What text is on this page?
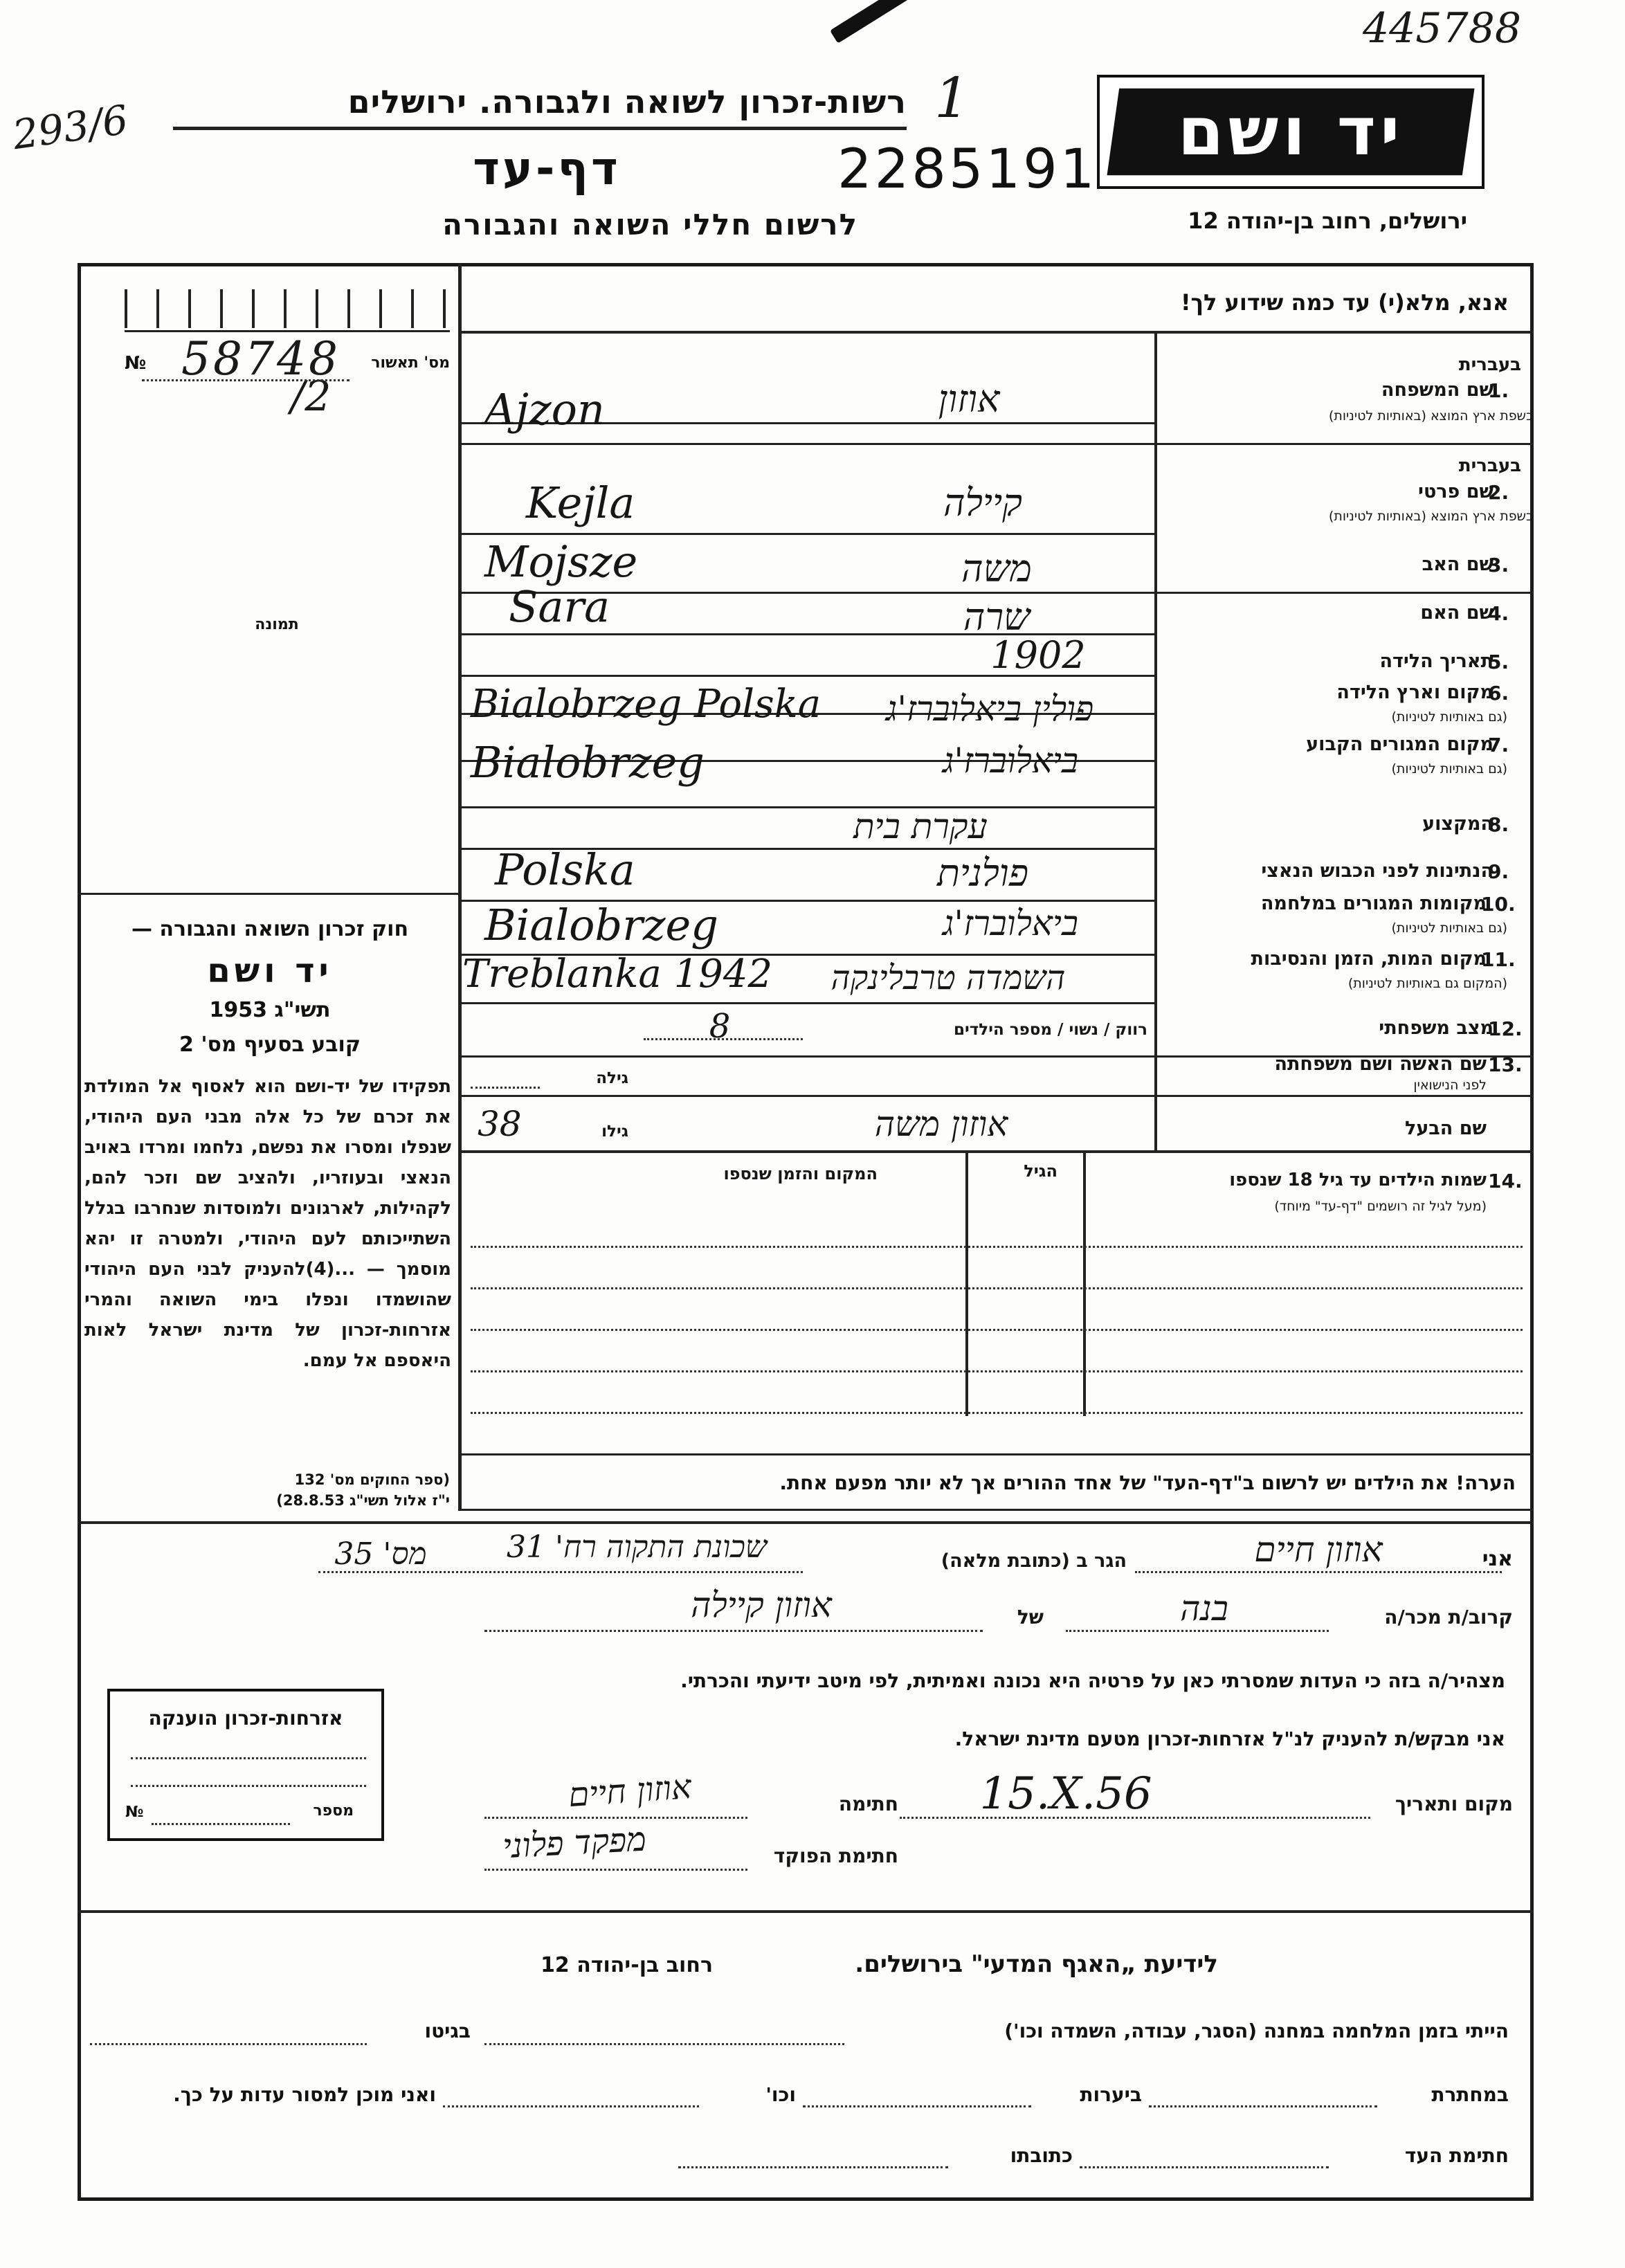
445788
293/6	רשות-זכרון לשואה ולגבורה. ירושלים 1
דף-עד	2285191
לרשום חללי השואה והגבורה
יד ושם
ירושלים, רחוב בן-יהודה 12
אנא, מלא(י) עד כמה שידוע לך!
№ 58748
/2
מס' תאשור
תמונה
בעברית
שם המשפחה
1.
בשפת ארץ המוצא (באותיות לטיניות)
Ajzon	אוזון
בעברית
שם פרטי
2.
בשפת ארץ המוצא (באותיות לטיניות)
Kejla	קיילה
שם האב
3.
Mojsze	משה
שם האם
4.
Sara	שרה
תאריך הלידה
5.
1902
מקום וארץ הלידה
6.
(גם באותיות לטיניות)
Bialobrzeg Polska	פולין ביאלוברז'ג
מקום המגורים הקבוע
7.
(גם באותיות לטיניות)
Bialobrzeg	ביאלוברז'ג
המקצוע
8.
עקרת בית
הנתינות לפני הכבוש הנאצי
9.
Polska	פולנית
מקומות המגורים במלחמה
10.
(גם באותיות לטיניות)
Bialobrzeg	ביאלוברז'ג
מקום המות, הזמן והנסיבות
11.
(המקום גם באותיות לטיניות)
Treblanka 1942	השמדה טרבלינקה
מצב משפחתי
12.
רווק / נשוי / מספר הילדים
8
שם האשה ושם משפחתה 13.
לפני הנישואין
גילה
שם הבעל
גילו
38	אוזון משה
14.
שמות הילדים עד גיל 18 שנספו
(מעל לגיל זה רושמים "דף-עד" מיוחד)
הגיל
המקום והזמן שנספו
הערה! את הילדים יש לרשום ב"דף-העד" של אחד ההורים אך לא יותר מפעם אחת.
חוק זכרון השואה והגבורה —
יד ושם
תשי"ג 1953
קובע בסעיף מס' 2
תפקידו של יד-ושם הוא לאסוף אל המולדת את זכרם של כל אלה מבני העם היהודי, שנפלו ומסרו את נפשם, נלחמו ומרדו באויב הנאצי ובעוזריו, ולהציב שם וזכר להם, לקהילות, לארגונים ולמוסדות שנחרבו בגלל השתייכותם לעם היהודי, ולמטרה זו יהא מוסמך — ...(4)להעניק לבני העם היהודי שהושמדו ונפלו בימי השואה והמרי אזרחות-זכרון של מדינת ישראל לאות היאספם אל עמם.
(ספר החוקים מס' 132
י"ז אלול תשי"ג 28.8.53)
אני
אוזון חיים
הגר ב (כתובת מלאה)
שכונת התקוה רח' 31
מס' 35
קרוב/ת מכר/ה
בנה
של
אוזון קיילה
מצהיר/ה בזה כי העדות שמסרתי כאן על פרטיה היא נכונה ואמיתית, לפי מיטב ידיעתי והכרתי.
אני מבקש/ת להעניק לנ"ל אזרחות-זכרון מטעם מדינת ישראל.
מקום ותאריך
15.X.56
חתימה
אוזון חיים
חתימת הפוקד
מפקד פלוני
אזרחות-זכרון הוענקה
№	מספר
לידיעת „האגף המדעי" בירושלים.
רחוב בן-יהודה 12
הייתי בזמן המלחמה במחנה (הסגר, עבודה, השמדה וכו')
בגיטו
במחתרת
ביערות
וכו'
ואני מוכן למסור עדות על כך.
חתימת העד
כתובתו
